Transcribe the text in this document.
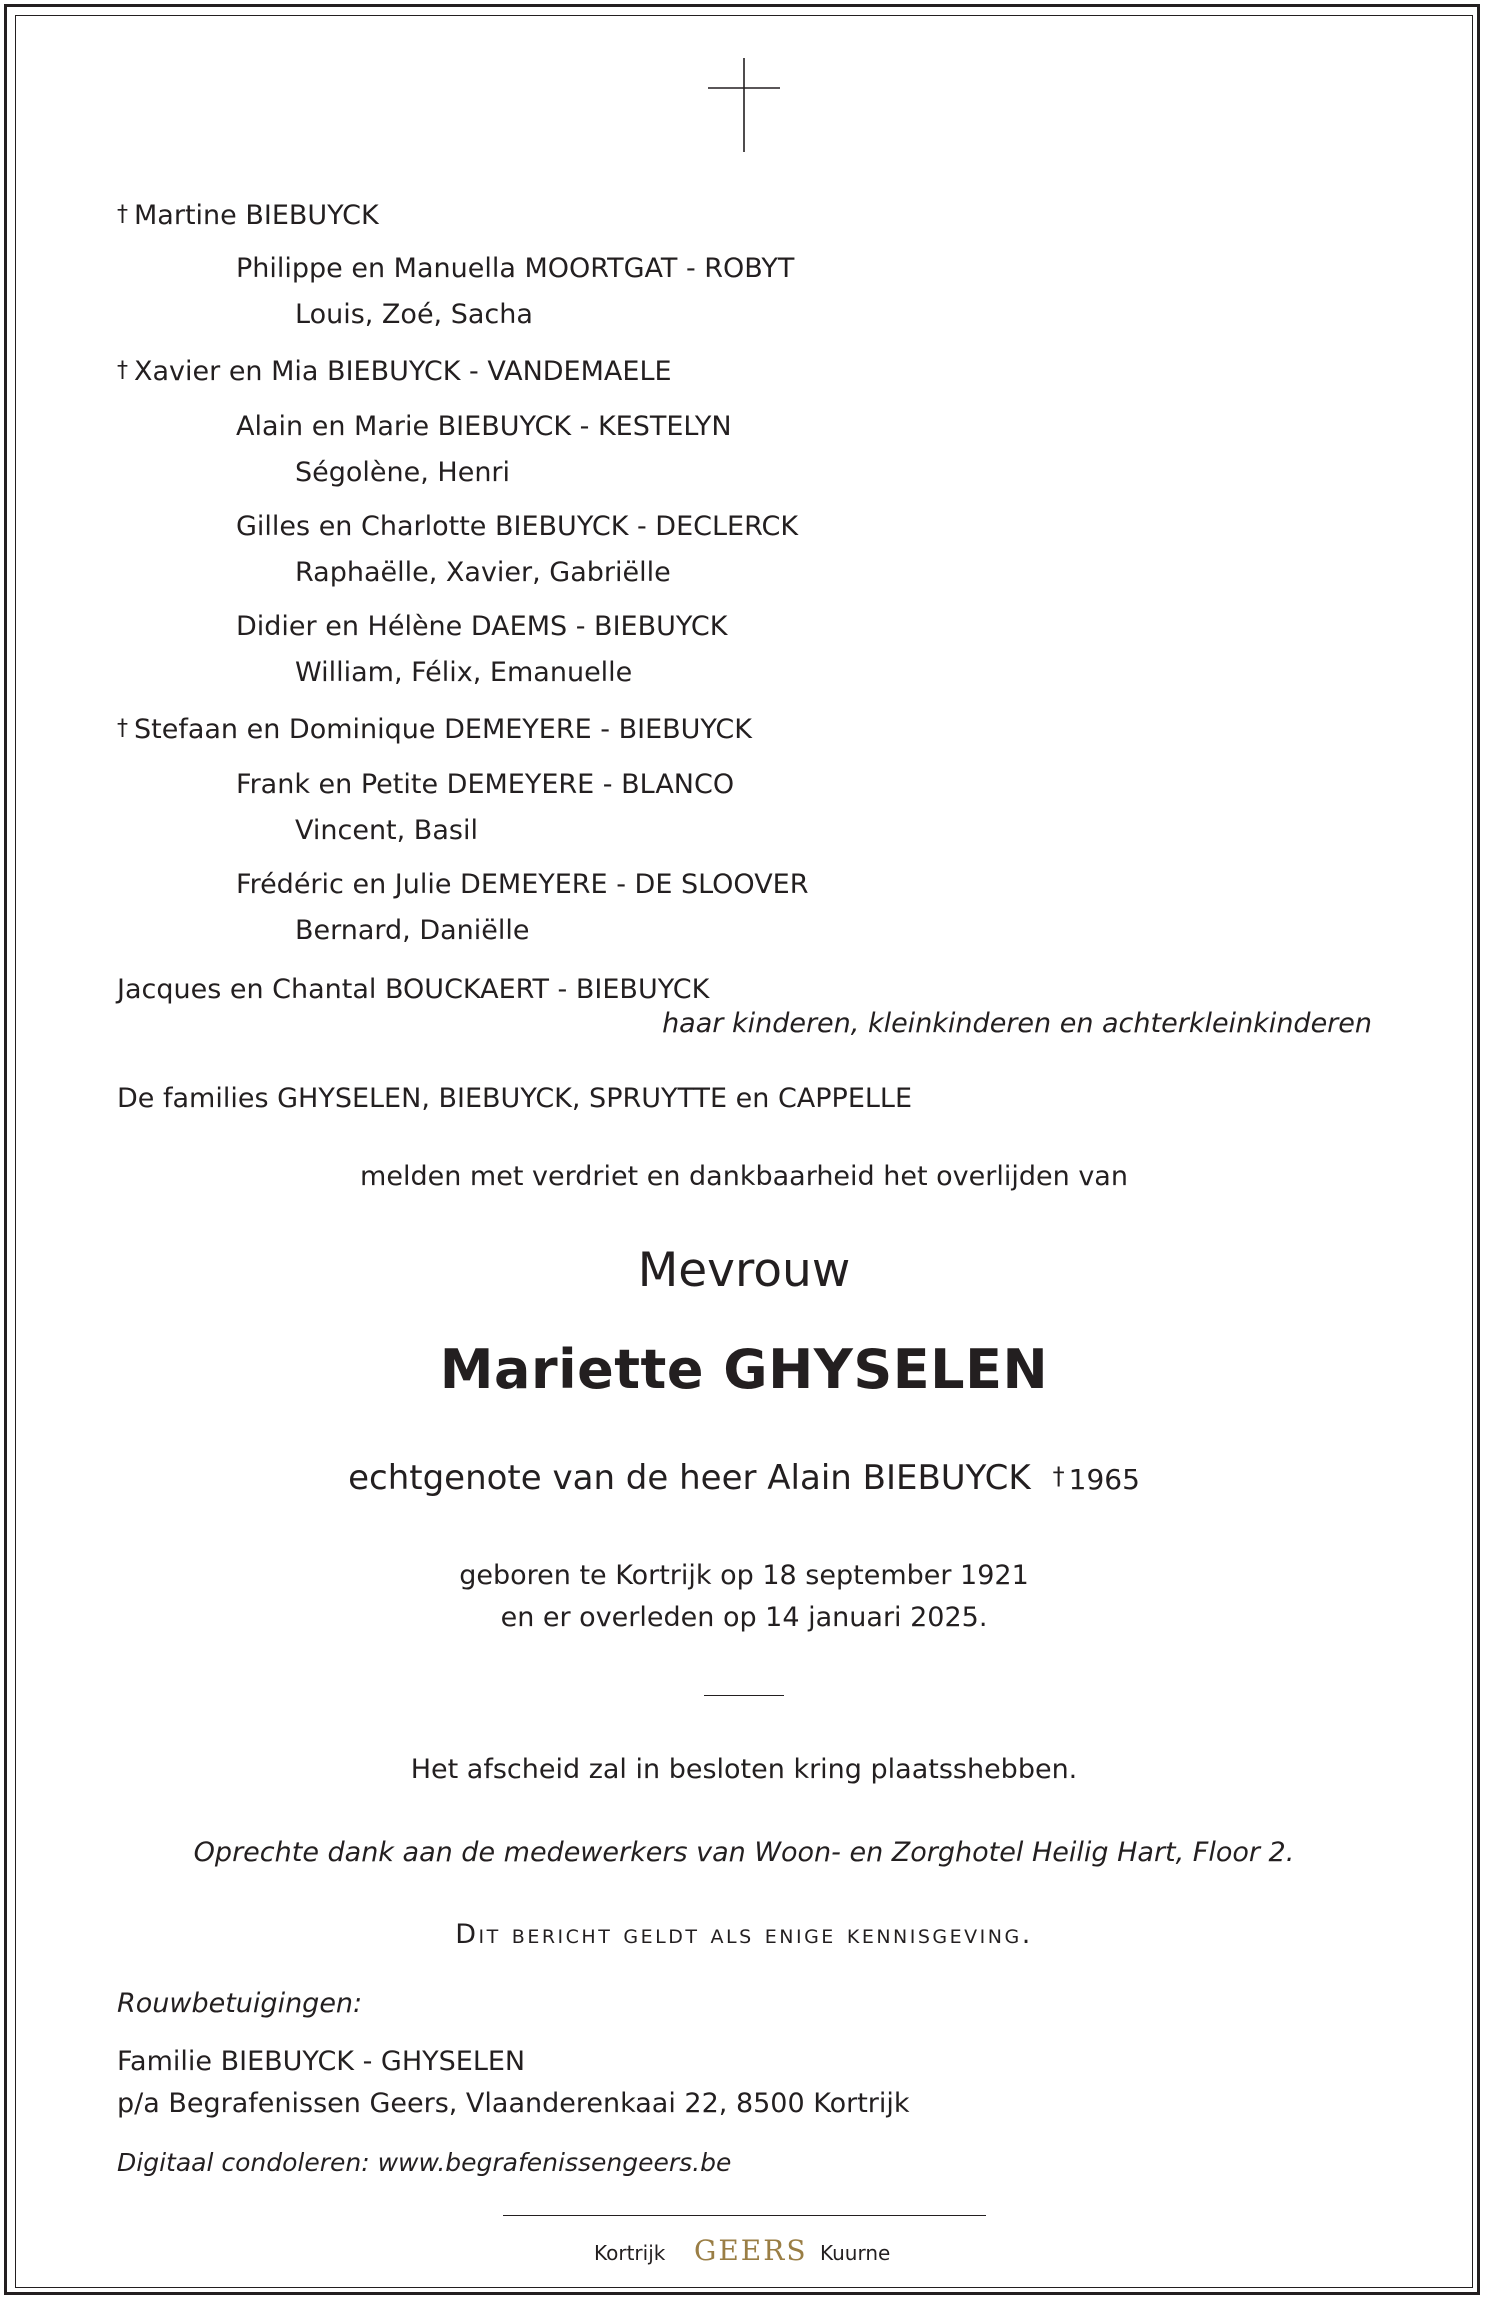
† Martine BIEBUYCK
Philippe en Manuella MOORTGAT - ROBYT
Louis, Zoé, Sacha
† Xavier en Mia BIEBUYCK - VANDEMAELE
Alain en Marie BIEBUYCK - KESTELYN
Ségolène, Henri
Gilles en Charlotte BIEBUYCK - DECLERCK
Raphaëlle, Xavier, Gabriëlle
Didier en Hélène DAEMS - BIEBUYCK
William, Félix, Emanuelle
† Stefaan en Dominique DEMEYERE - BIEBUYCK
Frank en Petite DEMEYERE - BLANCO
Vincent, Basil
Frédéric en Julie DEMEYERE - DE SLOOVER
Bernard, Daniëlle
Jacques en Chantal BOUCKAERT - BIEBUYCK
haar kinderen, kleinkinderen en achterkleinkinderen
De families GHYSELEN, BIEBUYCK, SPRUYTTE en CAPPELLE
melden met verdriet en dankbaarheid het overlijden van
Mevrouw
Mariette GHYSELEN
echtgenote van de heer Alain BIEBUYCK † 1965
geboren te Kortrijk op 18 september 1921
en er overleden op 14 januari 2025.
Het afscheid zal in besloten kring plaatsshebben.
Oprechte dank aan de medewerkers van Woon- en Zorghotel Heilig Hart, Floor 2.
Dit bericht geldt als enige kennisgeving.
Rouwbetuigingen:
Familie BIEBUYCK - GHYSELEN
p/a Begrafenissen Geers, Vlaanderenkaai 22, 8500 Kortrijk
Digitaal condoleren: www.begrafenissengeers.be
Kortrijk GEERS Kuurne
